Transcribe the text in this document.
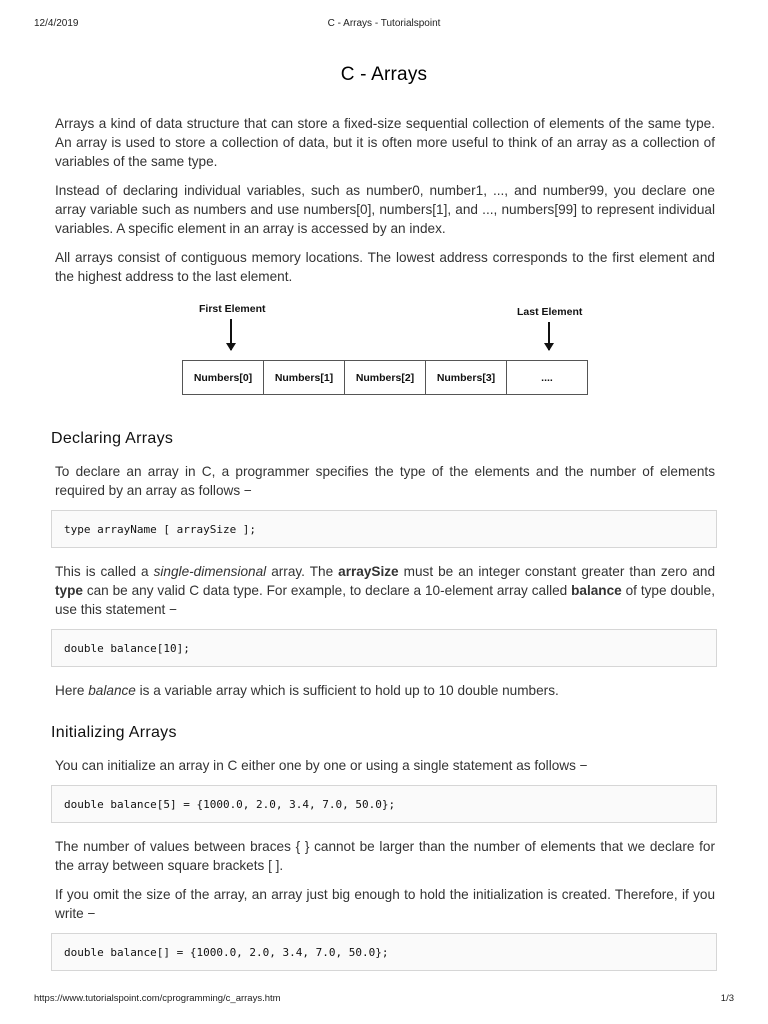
12/4/2019	C - Arrays - Tutorialspoint
C - Arrays

Arrays a kind of data structure that can store a fixed-size sequential collection of elements of the same type. An array is used to store a collection of data, but it is often more useful to think of an array as a collection of variables of the same type.

Instead of declaring individual variables, such as number0, number1, ..., and number99, you declare one array variable such as numbers and use numbers[0], numbers[1], and ..., numbers[99] to represent individual variables. A specific element in an array is accessed by an index.

All arrays consist of contiguous memory locations. The lowest address corresponds to the first element and the highest address to the last element.

First Element	Last Element
Numbers[0]	Numbers[1]	Numbers[2]	Numbers[3]	....
Declaring Arrays

To declare an array in C, a programmer specifies the type of the elements and the number of elements required by an array as follows −

type arrayName [ arraySize ];

This is called a single-dimensional array. The arraySize must be an integer constant greater than zero and type can be any valid C data type. For example, to declare a 10-element array called balance of type double, use this statement −

double balance[10];

Here balance is a variable array which is sufficient to hold up to 10 double numbers.

Initializing Arrays

You can initialize an array in C either one by one or using a single statement as follows −

double balance[5] = {1000.0, 2.0, 3.4, 7.0, 50.0};

The number of values between braces { } cannot be larger than the number of elements that we declare for the array between square brackets [ ].

If you omit the size of the array, an array just big enough to hold the initialization is created. Therefore, if you write −

double balance[] = {1000.0, 2.0, 3.4, 7.0, 50.0};
https://www.tutorialspoint.com/cprogramming/c_arrays.htm	1/3
